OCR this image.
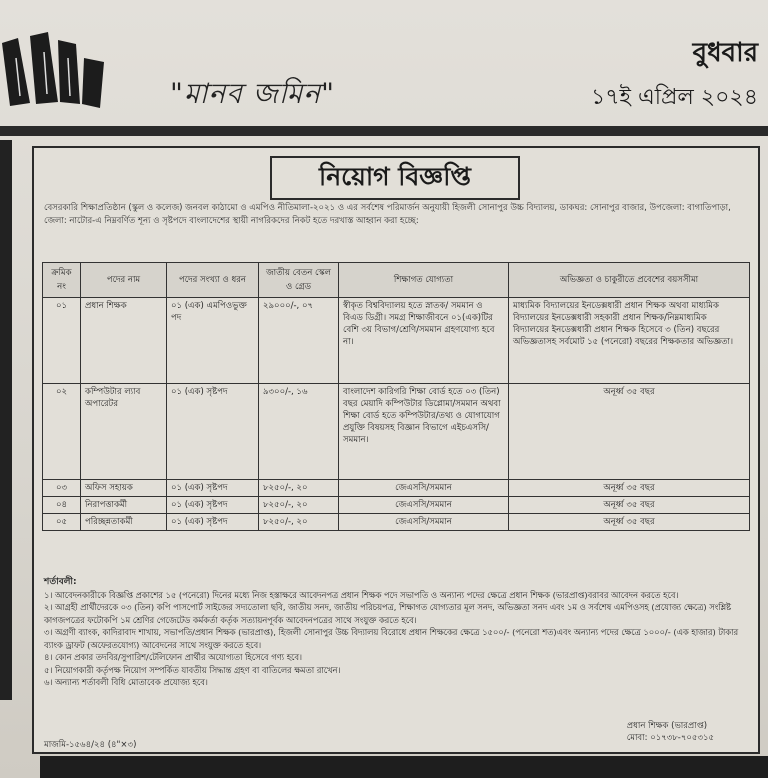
"মানব জমিন"
বুধবার
১৭ই এপ্রিল ২০২৪
নিয়োগ বিজ্ঞপ্তি
বেসরকারি শিক্ষাপ্রতিষ্ঠান (স্কুল ও কলেজ) জনবল কাঠামো ও এমপিও নীতিমালা-২০২১ ও এর সর্বশেষ পরিমার্জন অনুযায়ী হিজলী সোনাপুর উচ্চ বিদ্যালয়, ডাকঘর: সোনাপুর বাজার, উপজেলা: বাগাতিপাড়া, জেলা: নাটোর-এ নিম্নবর্ণিত শূন্য ও সৃষ্টপদে বাংলাদেশের স্থায়ী নাগরিকদের নিকট হতে দরখাস্ত আহ্বান করা হচ্ছে:
ক্রমিক নং	পদের নাম	পদের সংখ্যা ও ধরন	জাতীয় বেতন স্কেল ও গ্রেড	শিক্ষাগত যোগ্যতা	অভিজ্ঞতা ও চাকুরীতে প্রবেশের বয়সসীমা
০১	প্রধান শিক্ষক	০১ (এক) এমপিওভুক্ত পদ	২৯০০০/-, ০৭	স্বীকৃত বিশ্ববিদ্যালয় হতে স্নাতক/ সমমান ও বিএড ডিগ্রী। সমগ্র শিক্ষাজীবনে ০১(এক)টির বেশি ৩য় বিভাগ/শ্রেণি/সমমান গ্রহণযোগ্য হবে না।	মাধ্যমিক বিদ্যালয়ের ইনডেক্সধারী প্রধান শিক্ষক অথবা মাধ্যমিক বিদ্যালয়ের ইনডেক্সধারী সহকারী প্রধান শিক্ষক/নিম্নমাধ্যমিক বিদ্যালয়ের ইনডেক্সধারী প্রধান শিক্ষক হিসেবে ৩ (তিন) বছরের অভিজ্ঞতাসহ সর্বমোট ১৫ (পনেরো) বছরের শিক্ষকতার অভিজ্ঞতা।
০২	কম্পিউটার ল্যাব অপারেটর	০১ (এক) সৃষ্টপদ	৯৩০০/-, ১৬	বাংলাদেশ কারিগরি শিক্ষা বোর্ড হতে ০৩ (তিন) বছর মেয়াদি কম্পিউটার ডিপ্লোমা/সমমান অথবা শিক্ষা বোর্ড হতে কম্পিউটার/তথ্য ও যোগাযোগ প্রযুক্তি বিষয়সহ বিজ্ঞান বিভাগে এইচএসসি/সমমান।	অনূর্ধ্ব ৩৫ বছর
০৩	অফিস সহায়ক	০১ (এক) সৃষ্টপদ	৮২৫০/-, ২০	জেএসসি/সমমান	অনূর্ধ্ব ৩৫ বছর
০৪	নিরাপত্তাকর্মী	০১ (এক) সৃষ্টপদ	৮২৫০/-, ২০	জেএসসি/সমমান	অনূর্ধ্ব ৩৫ বছর
০৫	পরিচ্ছন্নতাকর্মী	০১ (এক) সৃষ্টপদ	৮২৫০/-, ২০	জেএসসি/সমমান	অনূর্ধ্ব ৩৫ বছর
শর্তাবলী:

১। আবেদনকারীকে বিজ্ঞপ্তি প্রকাশের ১৫ (পনেরো) দিনের মধ্যে নিজ হস্তাক্ষরে আবেদনপত্র প্রধান শিক্ষক পদে সভাপতি ও অন্যান্য পদের ক্ষেত্রে প্রধান শিক্ষক (ভারপ্রাপ্ত)বরাবর আবেদন করতে হবে।

২। আগ্রহী প্রার্থীদেরকে ০৩ (তিন) কপি পাসপোর্ট সাইজের সদ্যতোলা ছবি, জাতীয় সনদ, জাতীয় পরিচয়পত্র, শিক্ষাগত যোগ্যতার মূল সনদ, অভিজ্ঞতা সনদ এবং ১ম ও সর্বশেষ এমপিওসহ (প্রযোজ্য ক্ষেত্রে) সংশ্লিষ্ট কাগজপত্রের ফটোকপি ১ম শ্রেণির গেজেটেড কর্মকর্তা কর্তৃক সত্যায়নপূর্বক আবেদনপত্রের সাথে সংযুক্ত করতে হবে।

৩। অগ্রণী ব্যাংক, কাদিরাবাদ শাখায়, সভাপতি/প্রধান শিক্ষক (ভারপ্রাপ্ত), হিজলী সোনাপুর উচ্চ বিদ্যালয় বিরোধে প্রধান শিক্ষকের ক্ষেত্রে ১৫০০/- (পনেরো শত)এবং অন্যান্য পদের ক্ষেত্রে ১০০০/- (এক হাজার) টাকার ব্যাংক ড্রাফট (অফেরতযোগ্য) আবেদনের সাথে সংযুক্ত করতে হবে।

৪। কোন প্রকার তদবির/সুপারিশ/টেলিফোন প্রার্থীর অযোগ্যতা হিসেবে গণ্য হবে।

৫। নিয়োগকারী কর্তৃপক্ষ নিয়োগ সম্পর্কিত যাবতীয় সিদ্ধান্ত গ্রহণ বা বাতিলের ক্ষমতা রাখেন।

৬। অন্যান্য শর্তাবলী বিধি মোতাবেক প্রযোজ্য হবে।

প্রধান শিক্ষক (ভারপ্রাপ্ত)
মোবা: ০১৭৩৮-৭০৫৩১৫
মাজমি-১৫৬৪/২৪ (৪"×৩)
